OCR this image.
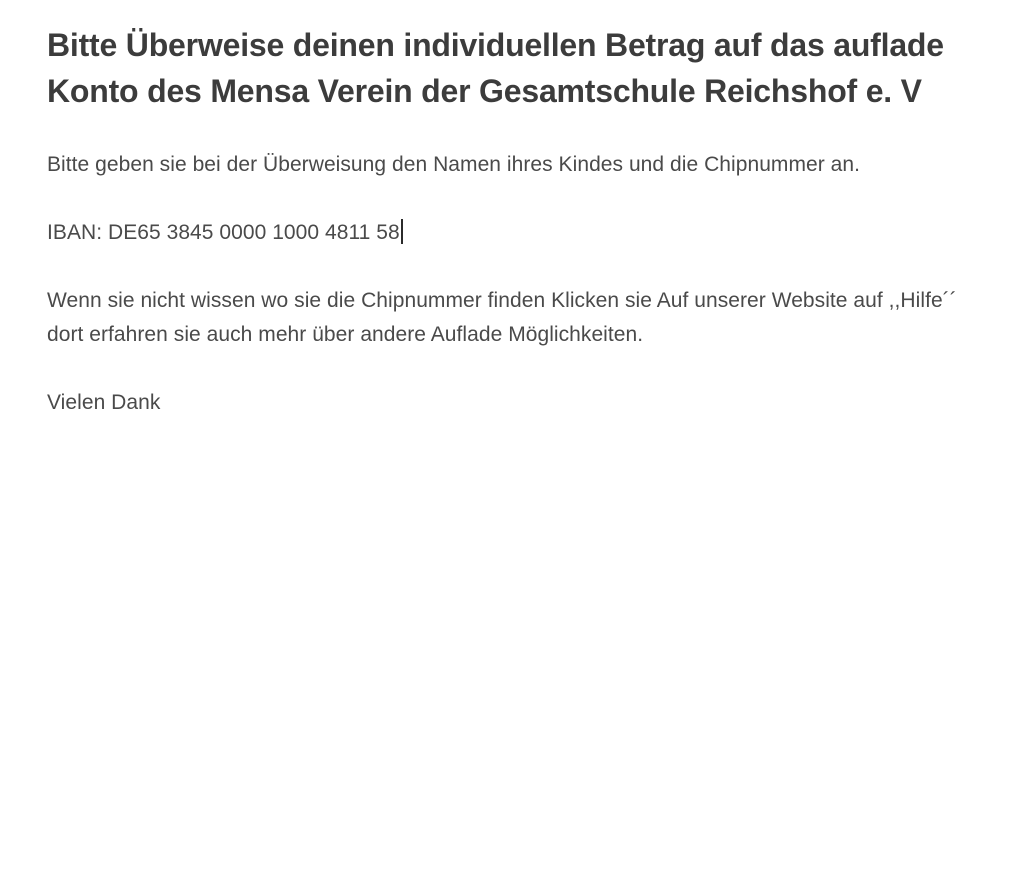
Bitte Überweise deinen individuellen Betrag auf das auflade Konto des Mensa Verein der Gesamtschule Reichshof e. V

Bitte geben sie bei der Überweisung den Namen ihres Kindes und die Chipnummer an.

IBAN: DE65 3845 0000 1000 4811 58

Wenn sie nicht wissen wo sie die Chipnummer finden Klicken sie Auf unserer Website auf ,,Hilfe´´ dort erfahren sie auch mehr über andere Auflade Möglichkeiten.

Vielen Dank
